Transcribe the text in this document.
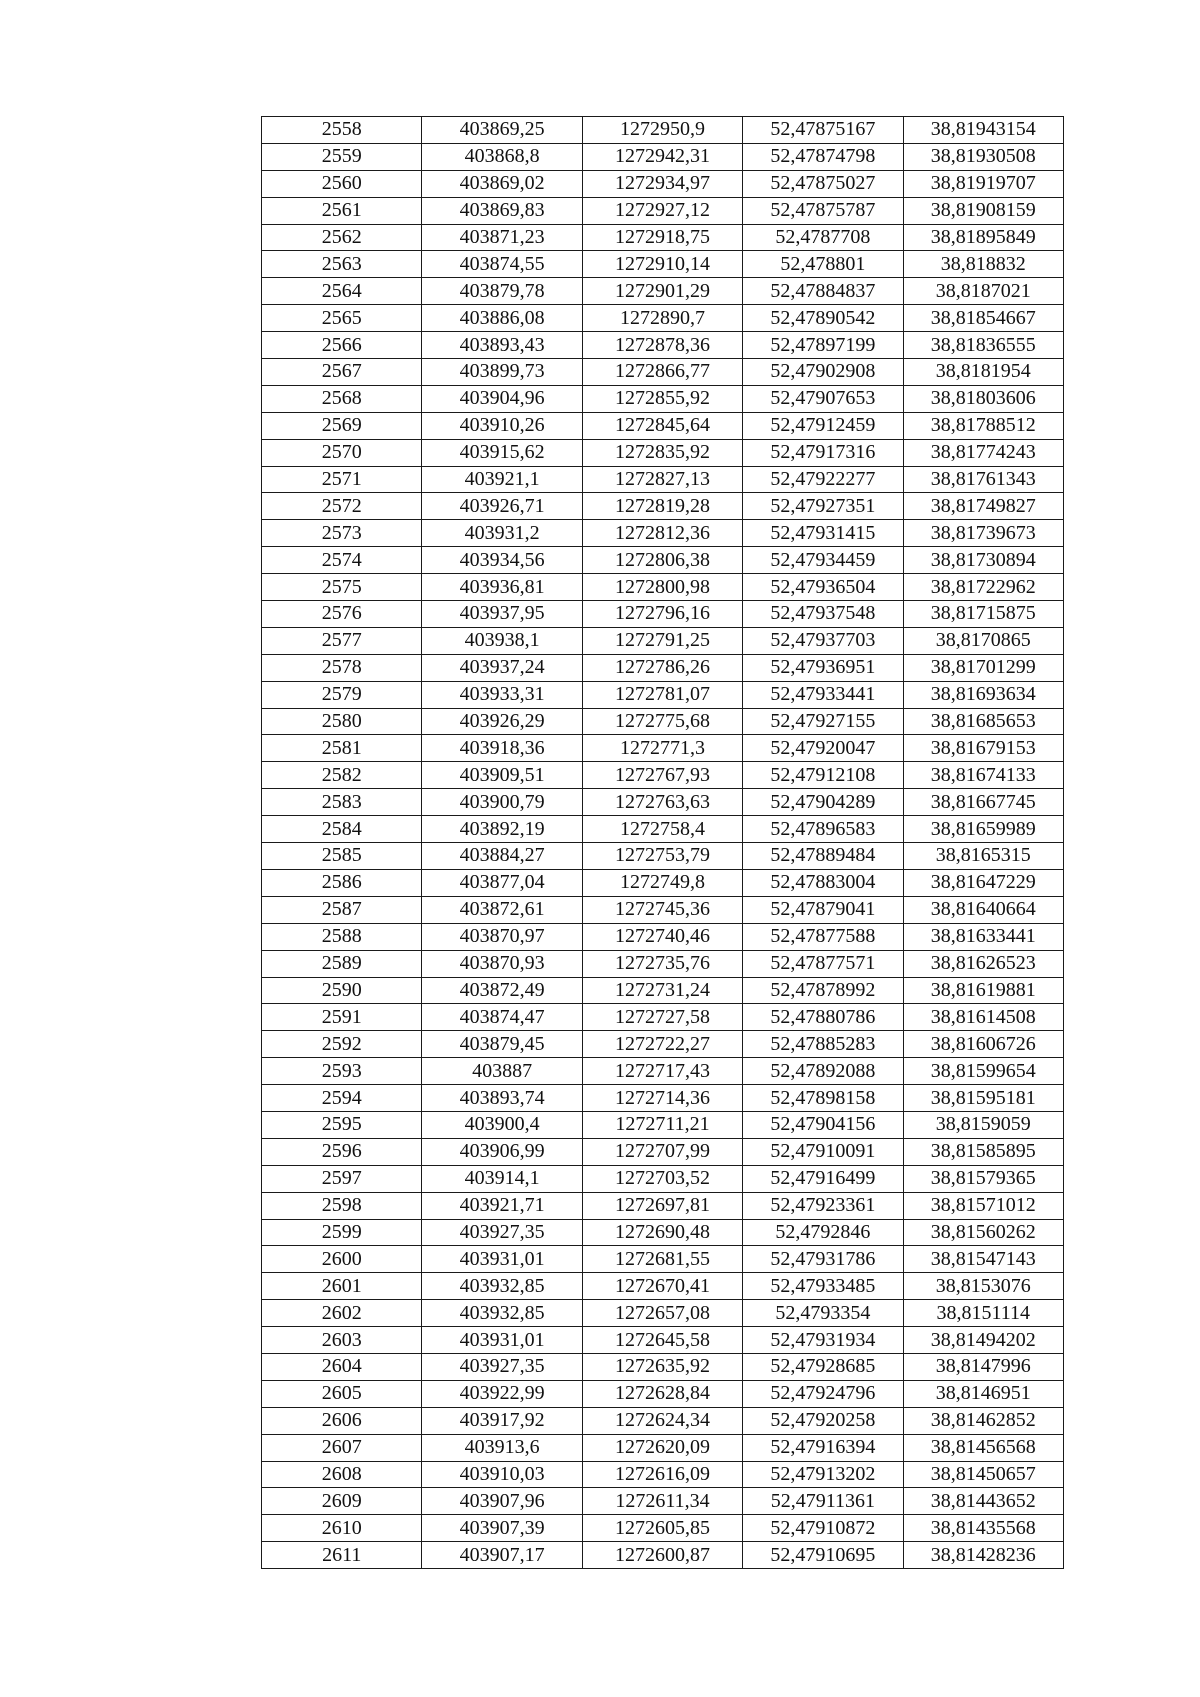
2558	403869,25	1272950,9	52,47875167	38,81943154
2559	403868,8	1272942,31	52,47874798	38,81930508
2560	403869,02	1272934,97	52,47875027	38,81919707
2561	403869,83	1272927,12	52,47875787	38,81908159
2562	403871,23	1272918,75	52,4787708	38,81895849
2563	403874,55	1272910,14	52,478801	38,818832
2564	403879,78	1272901,29	52,47884837	38,8187021
2565	403886,08	1272890,7	52,47890542	38,81854667
2566	403893,43	1272878,36	52,47897199	38,81836555
2567	403899,73	1272866,77	52,47902908	38,8181954
2568	403904,96	1272855,92	52,47907653	38,81803606
2569	403910,26	1272845,64	52,47912459	38,81788512
2570	403915,62	1272835,92	52,47917316	38,81774243
2571	403921,1	1272827,13	52,47922277	38,81761343
2572	403926,71	1272819,28	52,47927351	38,81749827
2573	403931,2	1272812,36	52,47931415	38,81739673
2574	403934,56	1272806,38	52,47934459	38,81730894
2575	403936,81	1272800,98	52,47936504	38,81722962
2576	403937,95	1272796,16	52,47937548	38,81715875
2577	403938,1	1272791,25	52,47937703	38,8170865
2578	403937,24	1272786,26	52,47936951	38,81701299
2579	403933,31	1272781,07	52,47933441	38,81693634
2580	403926,29	1272775,68	52,47927155	38,81685653
2581	403918,36	1272771,3	52,47920047	38,81679153
2582	403909,51	1272767,93	52,47912108	38,81674133
2583	403900,79	1272763,63	52,47904289	38,81667745
2584	403892,19	1272758,4	52,47896583	38,81659989
2585	403884,27	1272753,79	52,47889484	38,8165315
2586	403877,04	1272749,8	52,47883004	38,81647229
2587	403872,61	1272745,36	52,47879041	38,81640664
2588	403870,97	1272740,46	52,47877588	38,81633441
2589	403870,93	1272735,76	52,47877571	38,81626523
2590	403872,49	1272731,24	52,47878992	38,81619881
2591	403874,47	1272727,58	52,47880786	38,81614508
2592	403879,45	1272722,27	52,47885283	38,81606726
2593	403887	1272717,43	52,47892088	38,81599654
2594	403893,74	1272714,36	52,47898158	38,81595181
2595	403900,4	1272711,21	52,47904156	38,8159059
2596	403906,99	1272707,99	52,47910091	38,81585895
2597	403914,1	1272703,52	52,47916499	38,81579365
2598	403921,71	1272697,81	52,47923361	38,81571012
2599	403927,35	1272690,48	52,4792846	38,81560262
2600	403931,01	1272681,55	52,47931786	38,81547143
2601	403932,85	1272670,41	52,47933485	38,8153076
2602	403932,85	1272657,08	52,4793354	38,8151114
2603	403931,01	1272645,58	52,47931934	38,81494202
2604	403927,35	1272635,92	52,47928685	38,8147996
2605	403922,99	1272628,84	52,47924796	38,8146951
2606	403917,92	1272624,34	52,47920258	38,81462852
2607	403913,6	1272620,09	52,47916394	38,81456568
2608	403910,03	1272616,09	52,47913202	38,81450657
2609	403907,96	1272611,34	52,47911361	38,81443652
2610	403907,39	1272605,85	52,47910872	38,81435568
2611	403907,17	1272600,87	52,47910695	38,81428236
